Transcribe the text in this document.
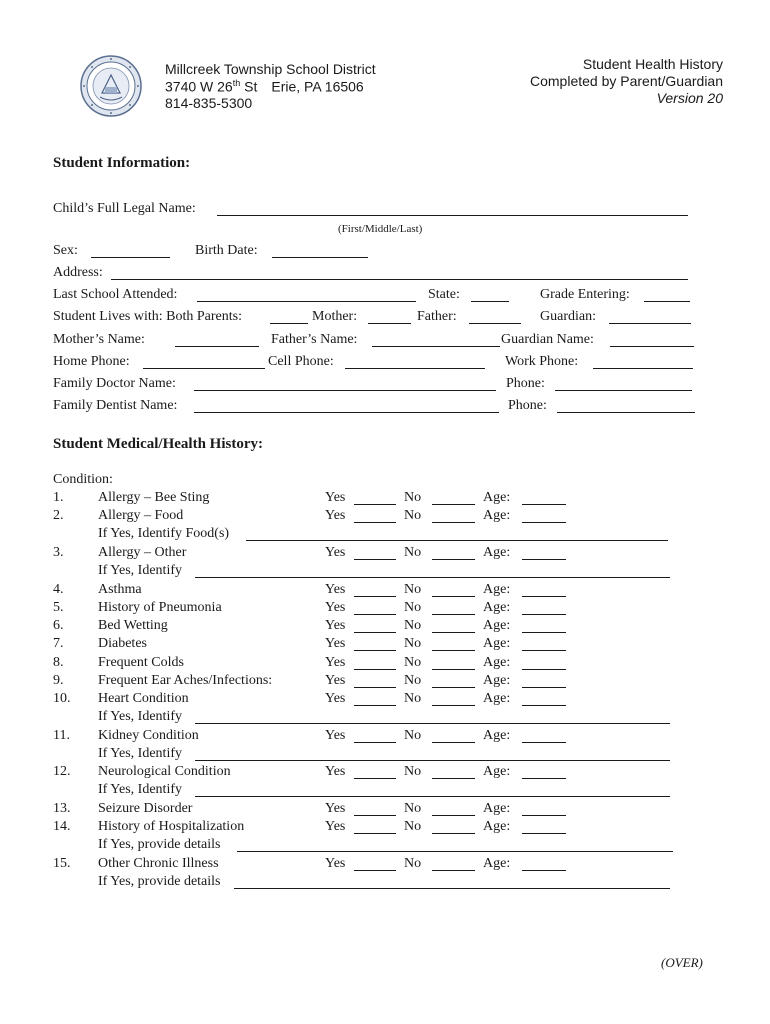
Millcreek Township School District
3740 W 26th St Erie, PA 16506
814-835-5300
Student Health History
Completed by Parent/Guardian
Version 20
Student Information:
Child’s Full Legal Name:
(First/Middle/Last)
Sex:	Birth Date:
Address:
Last School Attended:	State:	Grade Entering:
Student Lives with: Both Parents:	Mother:	Father:	Guardian:
Mother’s Name:	Father’s Name:	Guardian Name:
Home Phone:	Cell Phone:	Work Phone:
Family Doctor Name:	Phone:
Family Dentist Name:	Phone:
Student Medical/Health History:
Condition:
1. Allergy – Bee Sting	Yes	No	Age:
2. Allergy – Food	Yes	No	Age:
If Yes, Identify Food(s)
3. Allergy – Other	Yes	No	Age:
If Yes, Identify
4. Asthma	Yes	No	Age:
5. History of Pneumonia	Yes	No	Age:
6. Bed Wetting	Yes	No	Age:
7. Diabetes	Yes	No	Age:
8. Frequent Colds	Yes	No	Age:
9. Frequent Ear Aches/Infections:	Yes	No	Age:
10. Heart Condition	Yes	No	Age:
If Yes, Identify
11. Kidney Condition	Yes	No	Age:
If Yes, Identify
12. Neurological Condition	Yes	No	Age:
If Yes, Identify
13. Seizure Disorder	Yes	No	Age:
14. History of Hospitalization	Yes	No	Age:
If Yes, provide details
15. Other Chronic Illness	Yes	No	Age:
If Yes, provide details
(OVER)
